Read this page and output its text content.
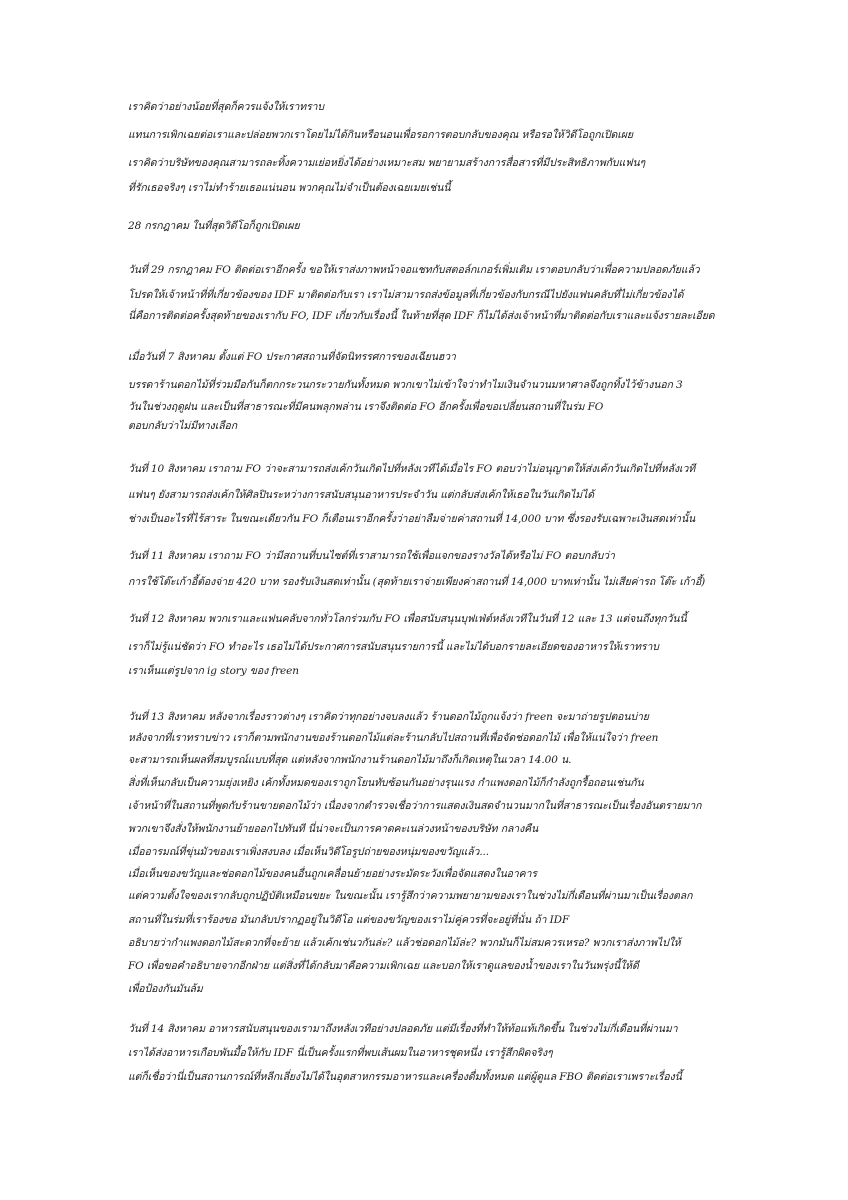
เราคิดว่าอย่างน้อยที่สุดก็ควรแจ้งให้เราทราบ
แทนการเพิกเฉยต่อเราและปล่อยพวกเราโดยไม่ได้กินหรือนอนเพื่อรอการตอบกลับของคุณ หรือรอให้วิดีโอถูกเปิดเผย
เราคิดว่าบริษัทของคุณสามารถละทิ้งความเย่อหยิ่งได้อย่างเหมาะสม พยายามสร้างการสื่อสารที่มีประสิทธิภาพกับแฟนๆ
ที่รักเธอจริงๆ เราไม่ทำร้ายเธอแน่นอน พวกคุณไม่จำเป็นต้องเฉยเมยเช่นนี้
28 กรกฎาคม ในที่สุดวิดีโอก็ถูกเปิดเผย
วันที่ 29 กรกฎาคม FO ติดต่อเราอีกครั้ง ขอให้เราส่งภาพหน้าจอแชทกับสตอล์กเกอร์เพิ่มเติม เราตอบกลับว่าเพื่อความปลอดภัยแล้ว
โปรดให้เจ้าหน้าที่ที่เกี่ยวข้องของ IDF มาติดต่อกับเรา เราไม่สามารถส่งข้อมูลที่เกี่ยวข้องกับกรณีไปยังแฟนคลับที่ไม่เกี่ยวข้องได้
นี่คือการติดต่อครั้งสุดท้ายของเรากับ FO, IDF เกี่ยวกับเรื่องนี้ ในท้ายที่สุด IDF ก็ไม่ได้ส่งเจ้าหน้าที่มาติดต่อกับเราและแจ้งรายละเอียด
เมื่อวันที่ 7 สิงหาคม ตั้งแต่ FO ประกาศสถานที่จัดนิทรรศการของเฉียนฮวา
บรรดาร้านดอกไม้ที่ร่วมมือกันก็ตกกระวนกระวายกันทั้งหมด พวกเขาไม่เข้าใจว่าทำไมเงินจำนวนมหาศาลจึงถูกทิ้งไว้ข้างนอก 3
วันในช่วงฤดูฝน และเป็นที่สาธารณะที่มีคนพลุกพล่าน เราจึงติดต่อ FO อีกครั้งเพื่อขอเปลี่ยนสถานที่ในร่ม FO
ตอบกลับว่าไม่มีทางเลือก
วันที่ 10 สิงหาคม เราถาม FO ว่าจะสามารถส่งเค้กวันเกิดไปที่หลังเวทีได้เมื่อไร FO ตอบว่าไม่อนุญาตให้ส่งเค้กวันเกิดไปที่หลังเวที
แฟนๆ ยังสามารถส่งเค้กให้ศิลปินระหว่างการสนับสนุนอาหารประจำวัน แต่กลับส่งเค้กให้เธอในวันเกิดไม่ได้
ช่างเป็นอะไรที่ไร้สาระ ในขณะเดียวกัน FO ก็เตือนเราอีกครั้งว่าอย่าลืมจ่ายค่าสถานที่ 14,000 บาท ซึ่งรองรับเฉพาะเงินสดเท่านั้น
วันที่ 11 สิงหาคม เราถาม FO ว่ามีสถานที่บนไซต์ที่เราสามารถใช้เพื่อแจกของรางวัลได้หรือไม่ FO ตอบกลับว่า
การใช้โต๊ะเก้าอี้ต้องจ่าย 420 บาท รองรับเงินสดเท่านั้น (สุดท้ายเราจ่ายเพียงค่าสถานที่ 14,000 บาทเท่านั้น ไม่เสียค่ารถ โต๊ะ เก้าอี้)
วันที่ 12 สิงหาคม พวกเราและแฟนคลับจากทั่วโลกร่วมกับ FO เพื่อสนับสนุนบุฟเฟ่ต์หลังเวทีในวันที่ 12 และ 13 แต่จนถึงทุกวันนี้
เราก็ไม่รู้แน่ชัดว่า FO ทำอะไร เธอไม่ได้ประกาศการสนับสนุนรายการนี้ และไม่ได้บอกรายละเอียดของอาหารให้เราทราบ
เราเห็นแต่รูปจาก ig story ของ freen
วันที่ 13 สิงหาคม หลังจากเรื่องราวต่างๆ เราคิดว่าทุกอย่างจบลงแล้ว ร้านดอกไม้ถูกแจ้งว่า freen จะมาถ่ายรูปตอนบ่าย
หลังจากที่เราทราบข่าว เราก็ตามพนักงานของร้านดอกไม้แต่ละร้านกลับไปสถานที่เพื่อจัดช่อดอกไม้ เพื่อให้แน่ใจว่า freen
จะสามารถเห็นผลที่สมบูรณ์แบบที่สุด แต่หลังจากพนักงานร้านดอกไม้มาถึงก็เกิดเหตุในเวลา 14.00 น.
สิ่งที่เห็นกลับเป็นความยุ่งเหยิง เค้กทั้งหมดของเราถูกโยนทับซ้อนกันอย่างรุนแรง กำแพงดอกไม้ก็กำลังถูกรื้อถอนเช่นกัน
เจ้าหน้าที่ในสถานที่พูดกับร้านขายดอกไม้ว่า เนื่องจากตำรวจเชื่อว่าการแสดงเงินสดจำนวนมากในที่สาธารณะเป็นเรื่องอันตรายมาก
พวกเขาจึงสั่งให้พนักงานย้ายออกไปทันที นี่น่าจะเป็นการคาดคะเนล่วงหน้าของบริษัท กลางคืน
เมื่ออารมณ์ที่ขุ่นมัวของเราเพิ่งสงบลง เมื่อเห็นวิดีโอรูปถ่ายของหนุ่มของขวัญแล้ว...
เมื่อเห็นของขวัญและช่อดอกไม้ของคนอื่นถูกเคลื่อนย้ายอย่างระมัดระวังเพื่อจัดแสดงในอาคาร
แต่ความตั้งใจของเรากลับถูกปฏิบัติเหมือนขยะ ในขณะนั้น เรารู้สึกว่าความพยายามของเราในช่วงไม่กี่เดือนที่ผ่านมาเป็นเรื่องตลก
สถานที่ในร่มที่เราร้องขอ มันกลับปรากฏอยู่ในวิดีโอ แต่ของขวัญของเราไม่คู่ควรที่จะอยู่ที่นั่น ถ้า IDF
อธิบายว่ากำแพงดอกไม้สะดวกที่จะย้าย แล้วเค้กเช่นวกันล่ะ? แล้วช่อดอกไม้ล่ะ? พวกมันก็ไม่สมควรเหรอ? พวกเราส่งภาพไปให้
FO เพื่อขอคำอธิบายจากอีกฝ่าย แต่สิ่งที่ได้กลับมาคือความเพิกเฉย และบอกให้เราดูแลของน้ำของเราในวันพรุ่งนี้ให้ดี
เพื่อป้องกันมันล้ม
วันที่ 14 สิงหาคม อาหารสนับสนุนของเรามาถึงหลังเวทีอย่างปลอดภัย แต่มีเรื่องที่ทำให้ท้อแท้เกิดขึ้น ในช่วงไม่กี่เดือนที่ผ่านมา
เราได้ส่งอาหารเกือบพันมื้อให้กับ IDF นี่เป็นครั้งแรกที่พบเส้นผมในอาหารชุดหนึ่ง เรารู้สึกผิดจริงๆ
แต่ก็เชื่อว่านี่เป็นสถานการณ์ที่หลีกเลี่ยงไม่ได้ในอุตสาหกรรมอาหารและเครื่องดื่มทั้งหมด แต่ผู้ดูแล FBO ติดต่อเราเพราะเรื่องนี้
